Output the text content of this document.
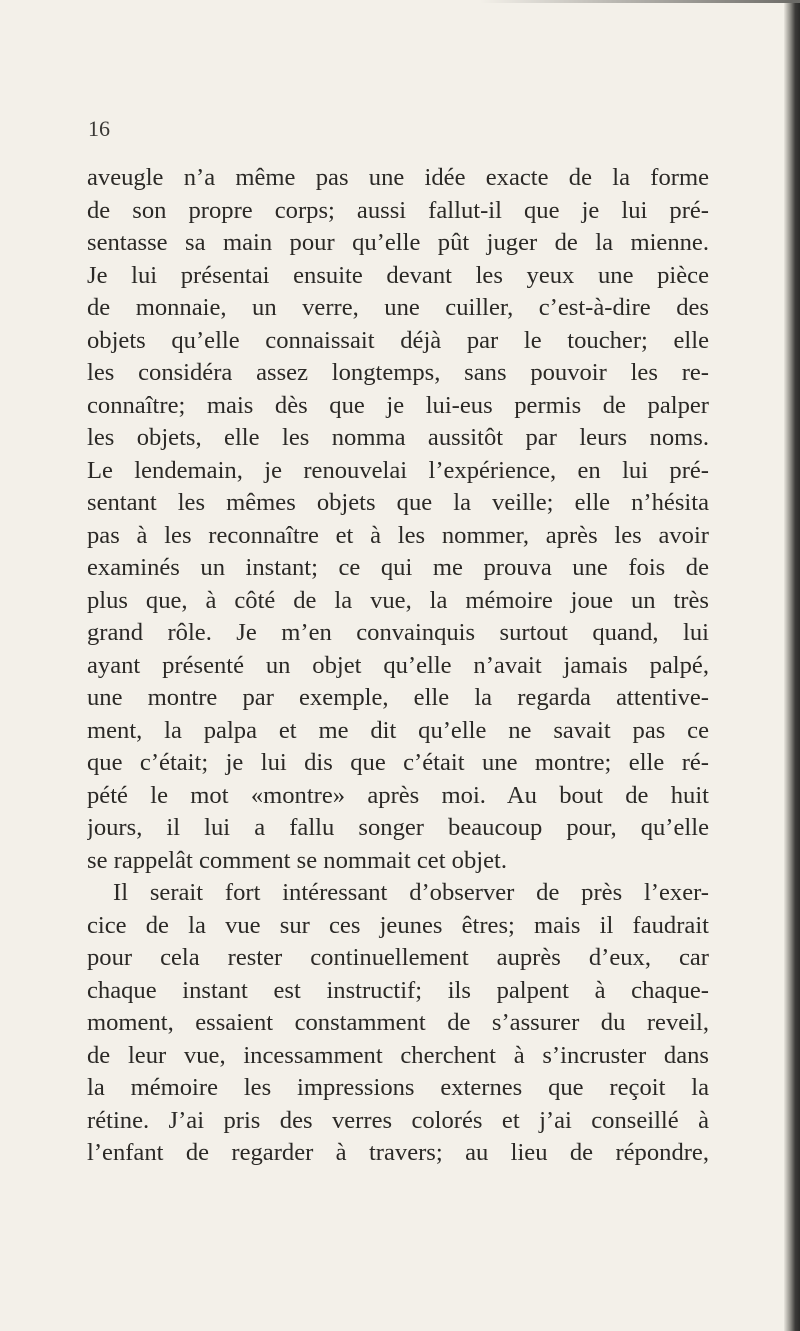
16
aveugle n’a même pas une idée exacte de la forme
de son propre corps; aussi fallut-il que je lui pré-
sentasse sa main pour qu’elle pût juger de la mienne.
Je lui présentai ensuite devant les yeux une pièce
de monnaie, un verre, une cuiller, c’est-à-dire des
objets qu’elle connaissait déjà par le toucher; elle
les considéra assez longtemps, sans pouvoir les re-
connaître; mais dès que je lui-eus permis de palper
les objets, elle les nomma aussitôt par leurs noms.
Le lendemain, je renouvelai l’expérience, en lui pré-
sentant les mêmes objets que la veille; elle n’hésita
pas à les reconnaître et à les nommer, après les avoir
examinés un instant; ce qui me prouva une fois de
plus que, à côté de la vue, la mémoire joue un très
grand rôle. Je m’en convainquis surtout quand, lui
ayant présenté un objet qu’elle n’avait jamais palpé,
une montre par exemple, elle la regarda attentive-
ment, la palpa et me dit qu’elle ne savait pas ce
que c’était; je lui dis que c’était une montre; elle ré-
pété le mot «montre» après moi. Au bout de huit
jours, il lui a fallu songer beaucoup pour, qu’elle
se rappelât comment se nommait cet objet.
Il serait fort intéressant d’observer de près l’exer-
cice de la vue sur ces jeunes êtres; mais il faudrait
pour cela rester continuellement auprès d’eux, car
chaque instant est instructif; ils palpent à chaque-
moment, essaient constamment de s’assurer du reveil,
de leur vue, incessamment cherchent à s’incruster dans
la mémoire les impressions externes que reçoit la
rétine. J’ai pris des verres colorés et j’ai conseillé à
l’enfant de regarder à travers; au lieu de répondre,
